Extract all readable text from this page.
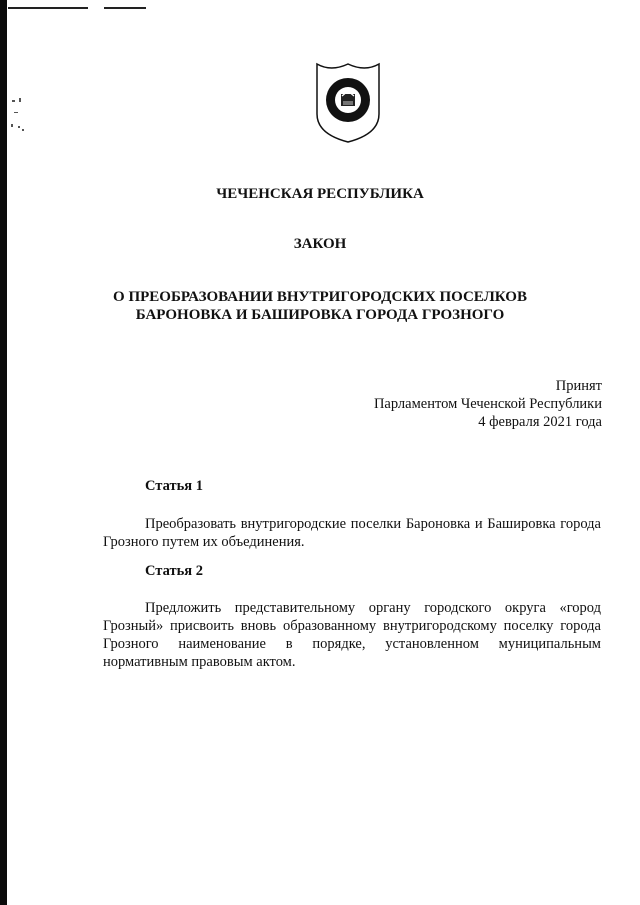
ЧЕЧЕНСКАЯ РЕСПУБЛИКА
ЗАКОН
О ПРЕОБРАЗОВАНИИ ВНУТРИГОРОДСКИХ ПОСЕЛКОВ
БАРОНОВКА И БАШИРОВКА ГОРОДА ГРОЗНОГО
Принят
Парламентом Чеченской Республики
4 февраля 2021 года
Статья 1
Преобразовать внутригородские поселки Бароновка и Башировка города Грозного путем их объединения.
Статья 2
Предложить представительному органу городского округа «город Грозный» присвоить вновь образованному внутригородскому поселку города Грозного наименование в порядке, установленном муниципальным нормативным правовым актом.
